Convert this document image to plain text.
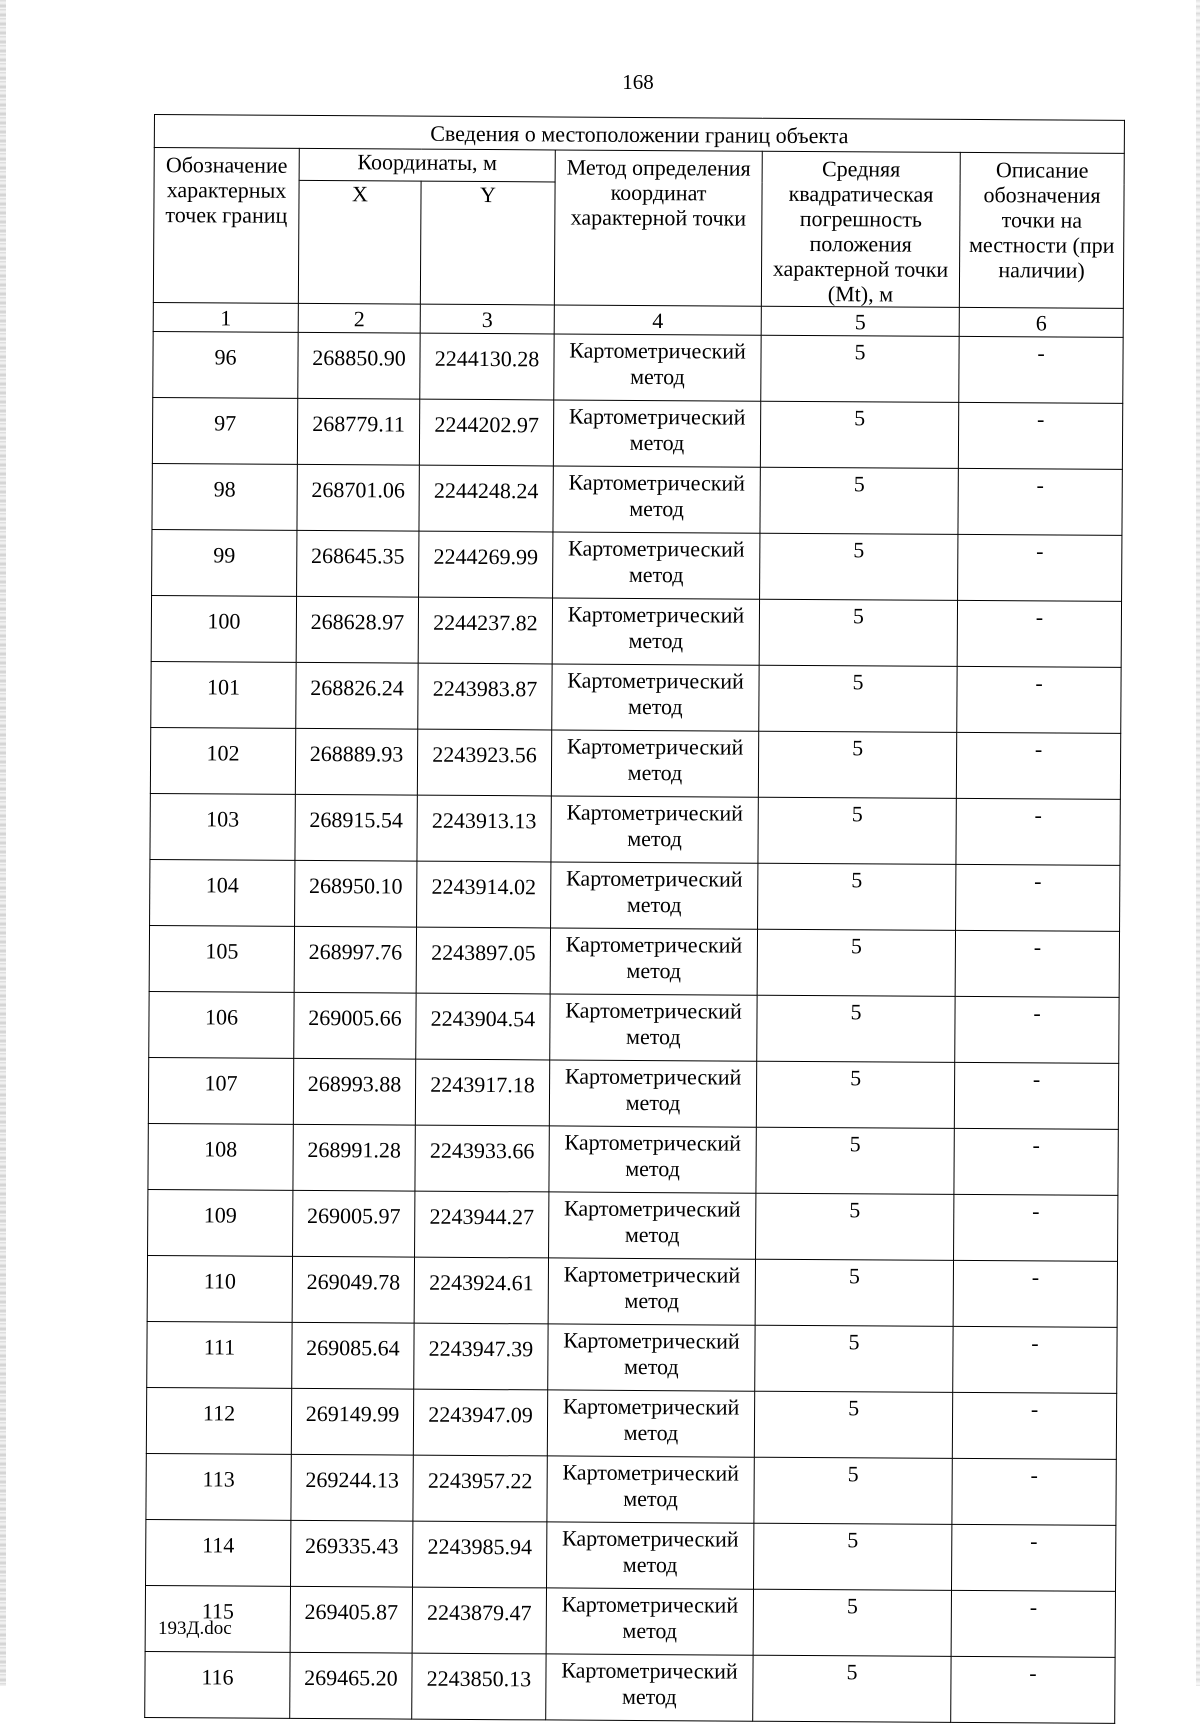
168
Сведения о местоположении границ объекта					
Обозначение характерных точек границ	Координаты, м		Метод определения координат характерной точки	Средняя квадратическая погрешность положения характерной точки (Mt), м	Описание обозначения точки на местности (при наличии)
	X	Y			
1	2	3	4	5	6
96	268850.90	2244130.28	Картометрический метод	5	-
97	268779.11	2244202.97	Картометрический метод	5	-
98	268701.06	2244248.24	Картометрический метод	5	-
99	268645.35	2244269.99	Картометрический метод	5	-
100	268628.97	2244237.82	Картометрический метод	5	-
101	268826.24	2243983.87	Картометрический метод	5	-
102	268889.93	2243923.56	Картометрический метод	5	-
103	268915.54	2243913.13	Картометрический метод	5	-
104	268950.10	2243914.02	Картометрический метод	5	-
105	268997.76	2243897.05	Картометрический метод	5	-
106	269005.66	2243904.54	Картометрический метод	5	-
107	268993.88	2243917.18	Картометрический метод	5	-
108	268991.28	2243933.66	Картометрический метод	5	-
109	269005.97	2243944.27	Картометрический метод	5	-
110	269049.78	2243924.61	Картометрический метод	5	-
111	269085.64	2243947.39	Картометрический метод	5	-
112	269149.99	2243947.09	Картометрический метод	5	-
113	269244.13	2243957.22	Картометрический метод	5	-
114	269335.43	2243985.94	Картометрический метод	5	-
115	269405.87	2243879.47	Картометрический метод	5	-
116	269465.20	2243850.13	Картометрический метод	5	-
193Д.doc
